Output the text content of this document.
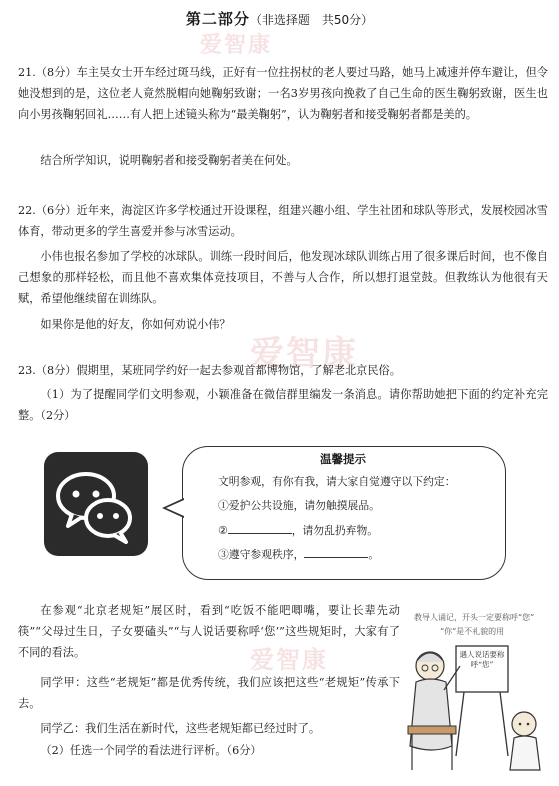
爱智康
爱智康
爱智康
第二部分（非选择题　共50分）
21.（8分）车主吴女士开车经过斑马线，正好有一位拄拐杖的老人要过马路，她马上减速并停车避让，但令她没想到的是，这位老人竟然脱帽向她鞠躬致谢；一名3岁男孩向挽救了自己生命的医生鞠躬致谢，医生也向小男孩鞠躬回礼……有人把上述镜头称为“最美鞠躬”，认为鞠躬者和接受鞠躬者都是美的。
结合所学知识，说明鞠躬者和接受鞠躬者美在何处。
22.（6分）近年来，海淀区许多学校通过开设课程，组建兴趣小组、学生社团和球队等形式，发展校园冰雪体育，带动更多的学生喜爱并参与冰雪运动。
小伟也报名参加了学校的冰球队。训练一段时间后，他发现冰球队训练占用了很多课后时间，也不像自己想象的那样轻松，而且他不喜欢集体竞技项目，不善与人合作，所以想打退堂鼓。但教练认为他很有天赋，希望他继续留在训练队。
如果你是他的好友，你如何劝说小伟？
23.（8分）假期里，某班同学约好一起去参观首都博物馆，了解老北京民俗。
（1）为了提醒同学们文明参观，小颖准备在微信群里编发一条消息。请你帮助她把下面的约定补充完整。（2分）
温馨提示
文明参观，有你有我，请大家自觉遵守以下约定：
①爱护公共设施，请勿触摸展品。
②	，请勿乱扔弃物。
③遵守参观秩序，	。
在参观“北京老规矩”展区时，看到“吃饭不能吧唧嘴，要让长辈先动筷”“父母过生日，子女要磕头”“与人说话要称呼‘您’”这些规矩时，大家有了不同的看法。
同学甲：这些“老规矩”都是优秀传统，我们应该把这些“老规矩”传承下去。
同学乙：我们生活在新时代，这些老规矩都已经过时了。
（2）任选一个同学的看法进行评析。（6分）
教导人诵记，开头一定要称呼“您”
“你”是不礼貌的用
遇人说话要称呼“您”
